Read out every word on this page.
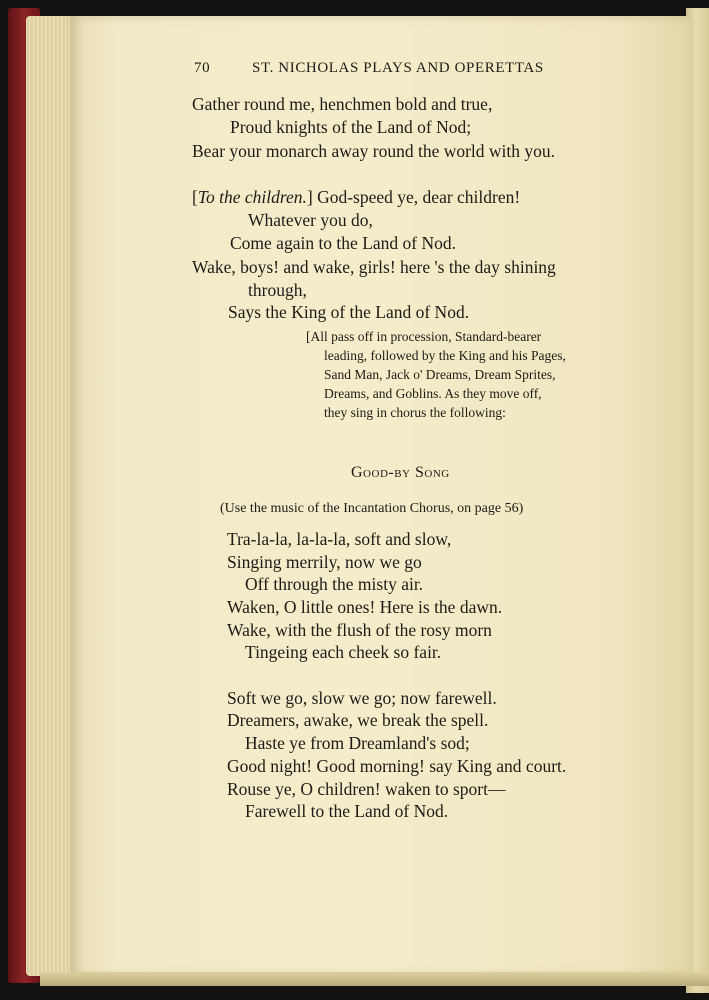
70	ST. NICHOLAS PLAYS AND OPERETTAS
Gather round me, henchmen bold and true,
Proud knights of the Land of Nod;
Bear your monarch away round the world with you.
[To the children.] God-speed ye, dear children!
Whatever you do,
Come again to the Land of Nod.
Wake, boys! and wake, girls! here 's the day shining
through,
Says the King of the Land of Nod.
[All pass off in procession, Standard-bearer
leading, followed by the King and his Pages,
Sand Man, Jack o' Dreams, Dream Sprites,
Dreams, and Goblins. As they move off,
they sing in chorus the following:
Good-by Song
(Use the music of the Incantation Chorus, on page 56)
Tra-la-la, la-la-la, soft and slow,
Singing merrily, now we go
Off through the misty air.
Waken, O little ones! Here is the dawn.
Wake, with the flush of the rosy morn
Tingeing each cheek so fair.
Soft we go, slow we go; now farewell.
Dreamers, awake, we break the spell.
Haste ye from Dreamland's sod;
Good night! Good morning! say King and court.
Rouse ye, O children! waken to sport—
Farewell to the Land of Nod.
